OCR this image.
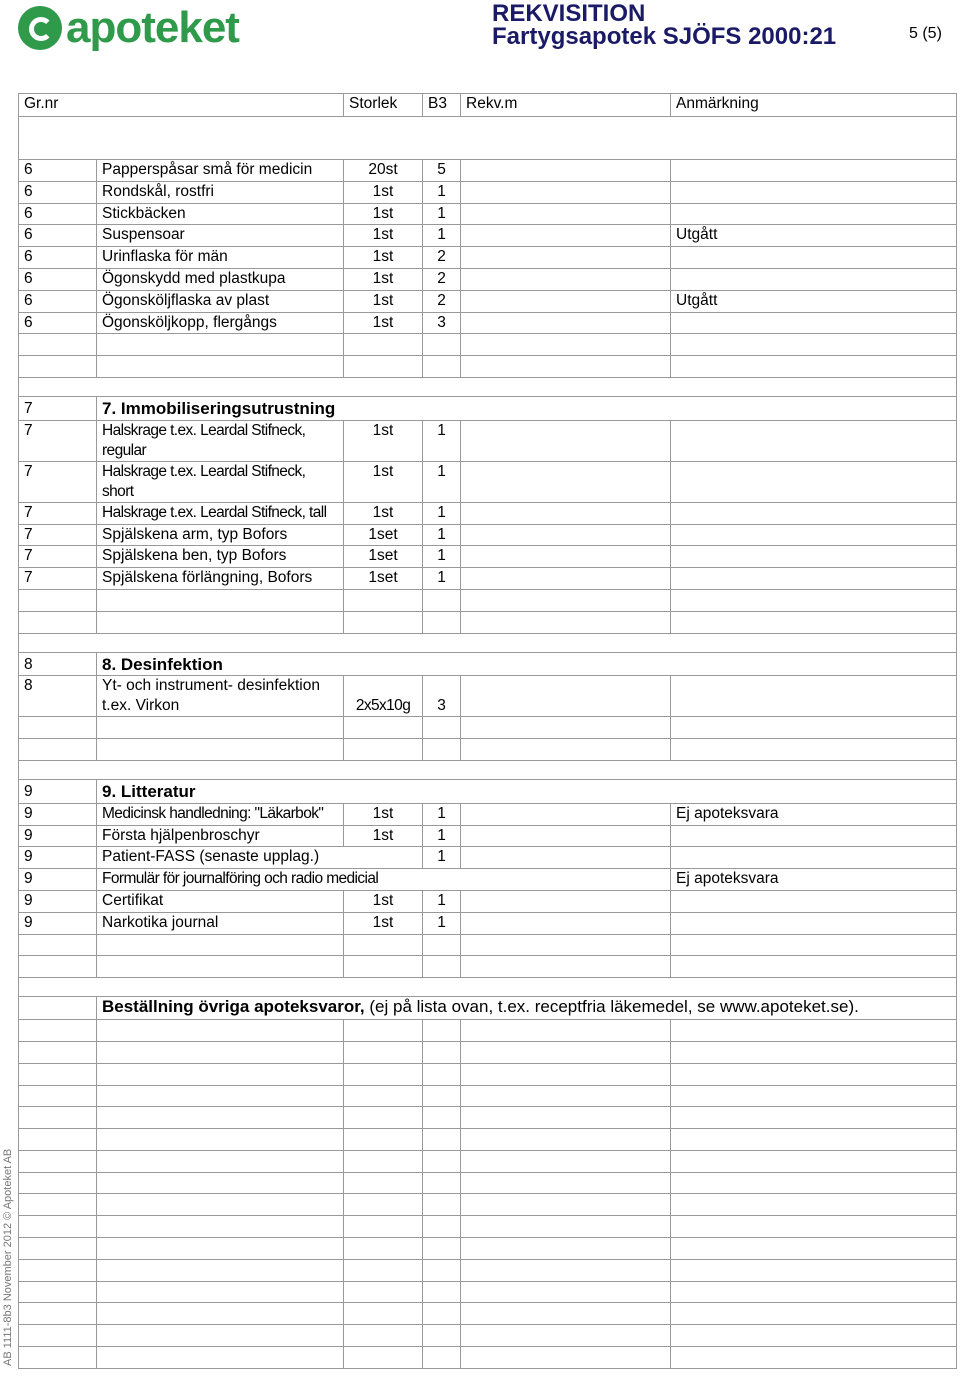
apoteket	REKVISITION
Fartygsapotek SJÖFS 2000:21	5 (5)
AB 1111-8b3 November 2012 © Apoteket AB
Gr.nr		Storlek	B3	Rekv.m	Anmärkning

6	Papperspåsar små för medicin	20st	5		
6	Rondskål, rostfri	1st	1		
6	Stickbäcken	1st	1		
6	Suspensoar	1st	1		Utgått
6	Urinflaska för män	1st	2		
6	Ögonskydd med plastkupa	1st	2		
6	Ögonsköljflaska av plast	1st	2		Utgått
6	Ögonsköljkopp, flergångs	1st	3		

7	7. Immobiliseringsutrustning				
7	Halskrage t.ex. Leardal Stifneck,
regular	1st	1		
7	Halskrage t.ex. Leardal Stifneck,
short	1st	1		
7	Halskrage t.ex. Leardal Stifneck, tall	1st	1		
7	Spjälskena arm, typ Bofors	1set	1		
7	Spjälskena ben, typ Bofors	1set	1		
7	Spjälskena förlängning, Bofors	1set	1		

8	8. Desinfektion				
8	Yt- och instrument- desinfektion
t.ex. Virkon	2x5x10g	3		

9	9. Litteratur				
9	Medicinsk handledning: "Läkarbok"	1st	1		Ej apoteksvara
9	Första hjälpenbroschyr	1st	1		
9	Patient-FASS (senaste upplag.)		1		
9	Formulär för journalföring och radio medicial				Ej apoteksvara
9	Certifikat	1st	1		
9	Narkotika journal	1st	1		

	Beställning övriga apoteksvaror, (ej på lista ovan, t.ex. receptfria läkemedel, se www.apoteket.se).				
